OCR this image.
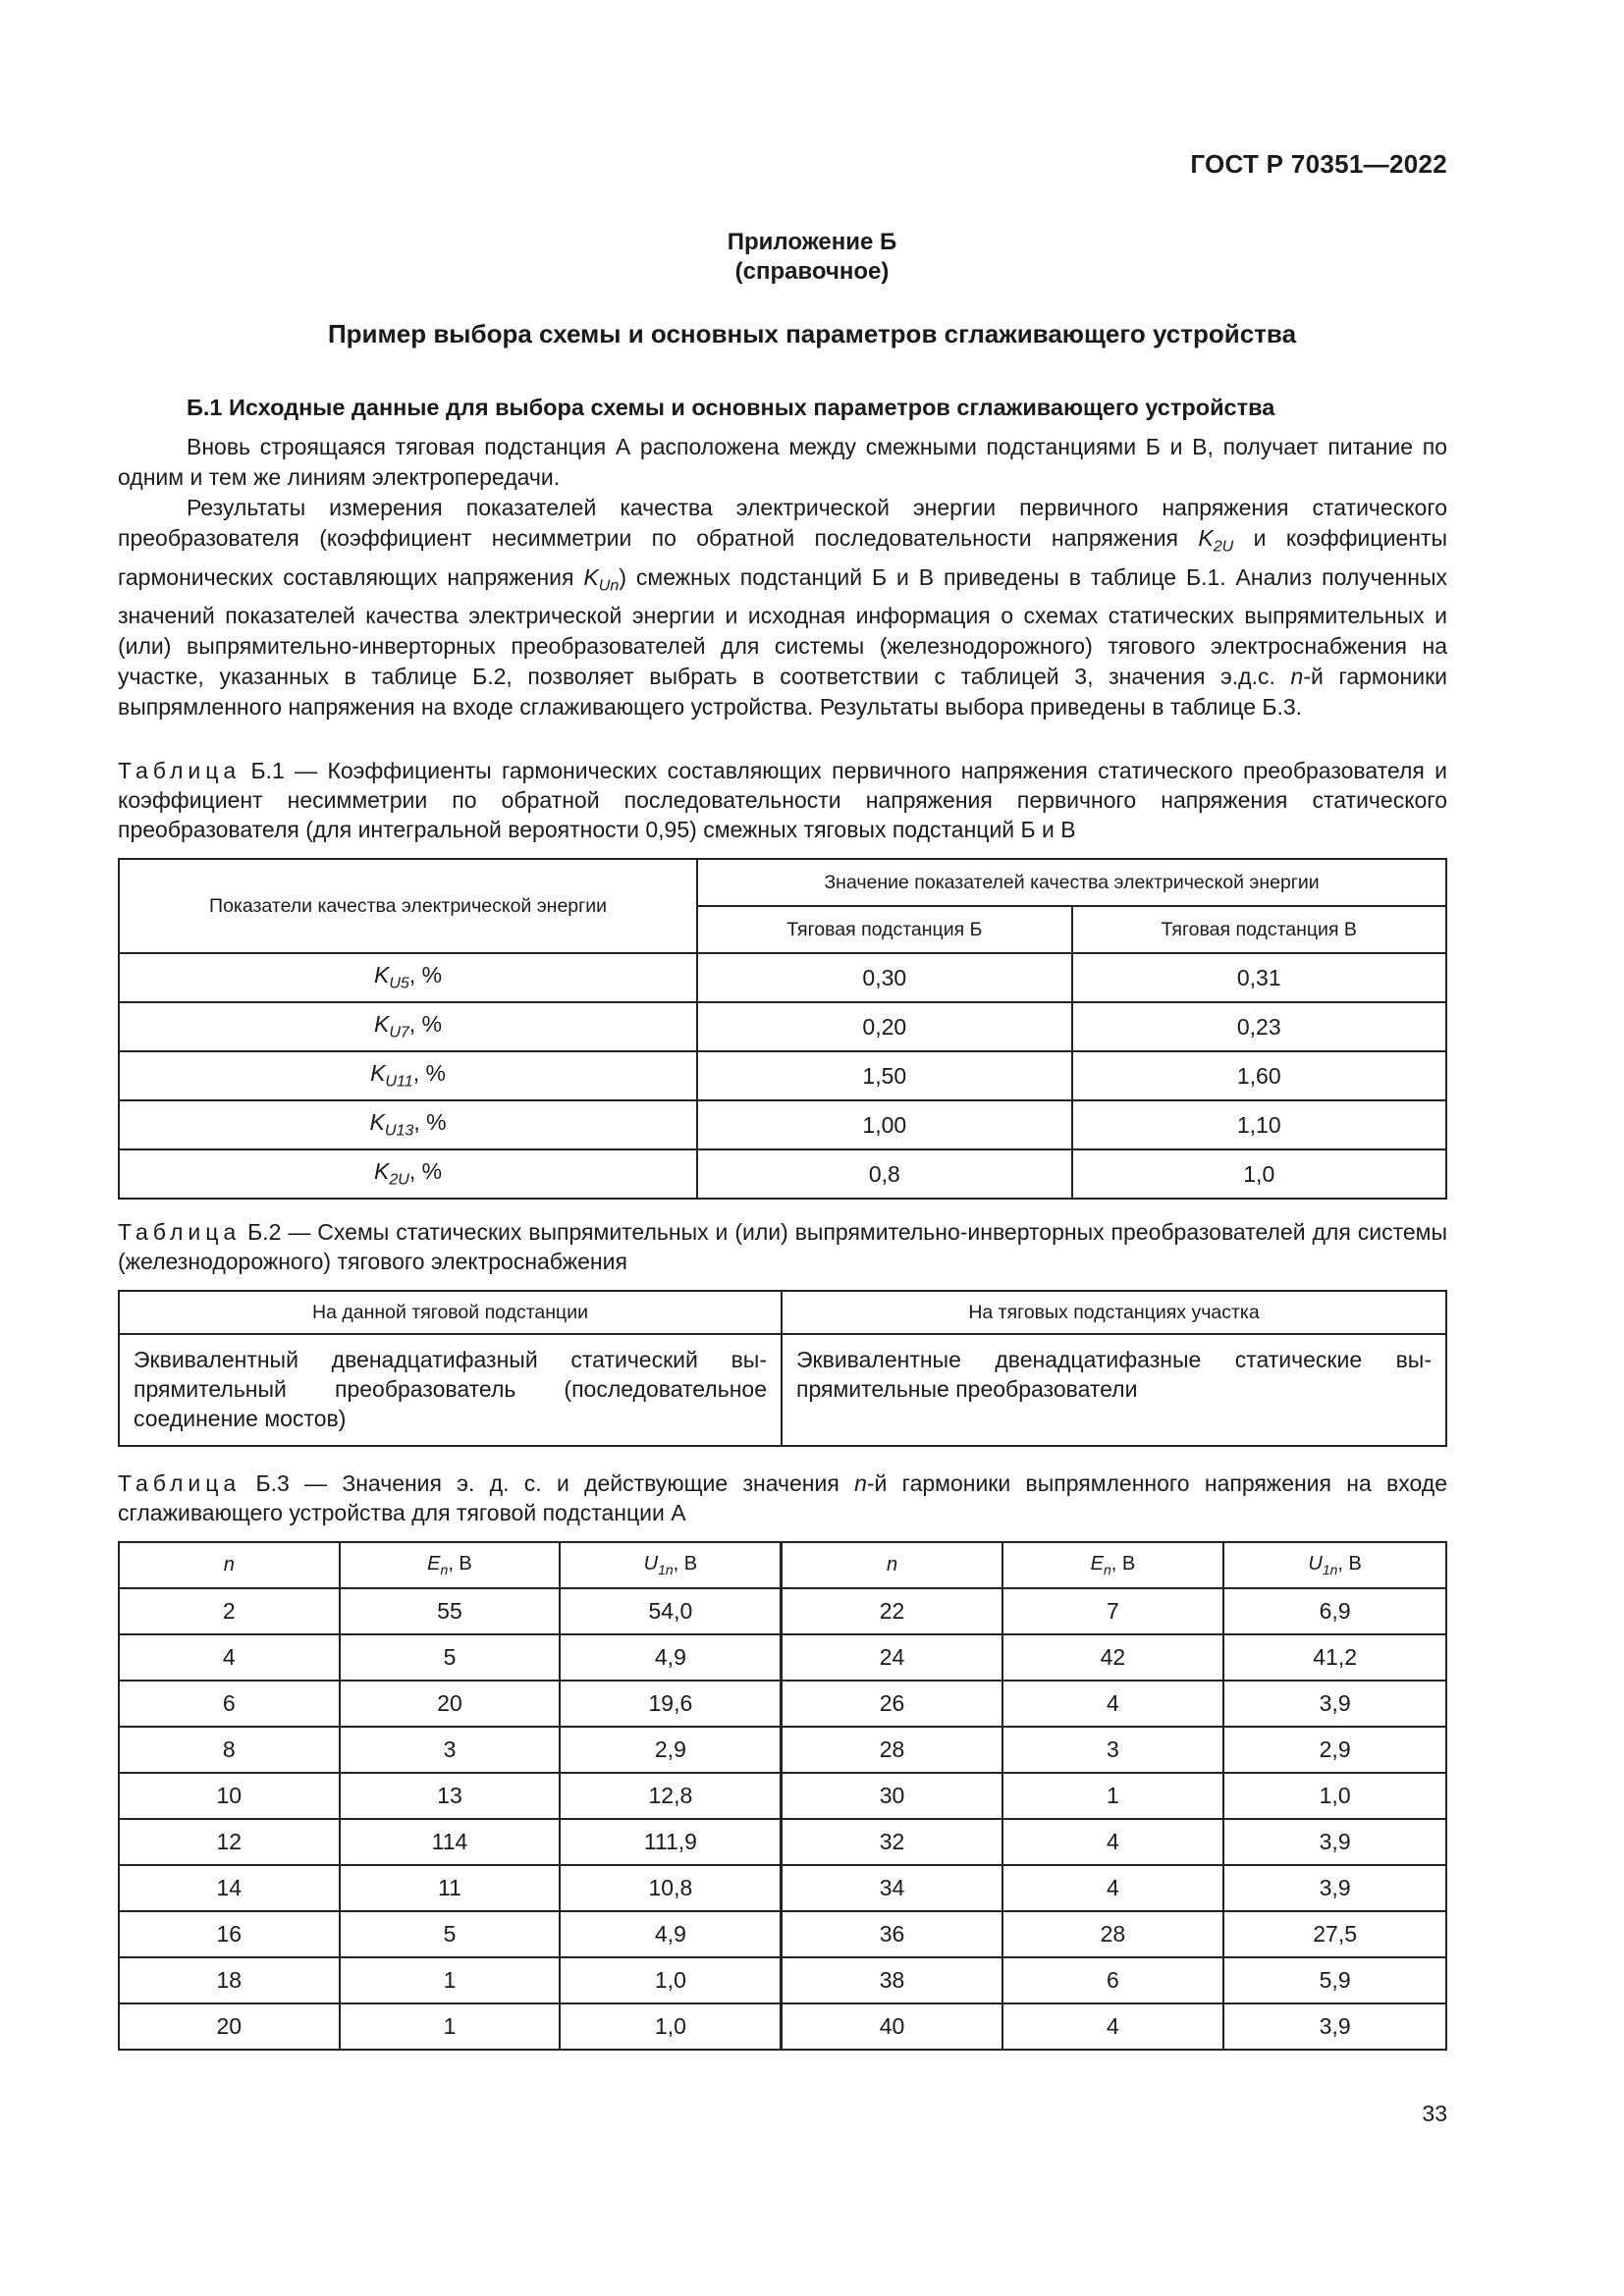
ГОСТ Р 70351—2022
Приложение Б
(справочное)
Пример выбора схемы и основных параметров сглаживающего устройства
Б.1 Исходные данные для выбора схемы и основных параметров сглаживающего устройства

Вновь строящаяся тяговая подстанция А расположена между смежными подстанциями Б и В, получает питание по одним и тем же линиям электропередачи.

Результаты измерения показателей качества электрической энергии первичного напряжения статического преобразователя (коэффициент несимметрии по обратной последовательности напряжения $K_{2U}$ и коэффициенты гармонических составляющих напряжения $K_{Un}$) смежных подстанций Б и В приведены в таблице Б.1. Анализ полученных значений показателей качества электрической энергии и исходная информация о схемах статических выпрямительных и (или) выпрямительно-инверторных преобразователей для системы (железнодорожного) тягового электроснабжения на участке, указанных в таблице Б.2, позволяет выбрать в соответствии с таблицей 3, значения э.д.с. n-й гармоники выпрямленного напряжения на входе сглаживающего устройства. Результаты выбора приведены в таблице Б.3.

Таблица Б.1 — Коэффициенты гармонических составляющих первичного напряжения статического преобразователя и коэффициент несимметрии по обратной последовательности напряжения первичного напряжения статического преобразователя (для интегральной вероятности 0,95) смежных тяговых подстанций Б и В
Показатели качества электрической энергии	Значение показателей качества электрической энергии	
	Тяговая подстанция Б	Тяговая подстанция В
$K_{U5}$, %	0,30	0,31
$K_{U7}$, %	0,20	0,23
$K_{U11}$, %	1,50	1,60
$K_{U13}$, %	1,00	1,10
$K_{2U}$, %	0,8	1,0
Таблица Б.2 — Схемы статических выпрямительных и (или) выпрямительно-инверторных преобразователей для системы (железнодорожного) тягового электроснабжения
На данной тяговой подстанции	На тяговых подстанциях участка
Эквивалентный двенадцатифазный статический выпрямительный преобразователь (последовательное соединение мостов)	Эквивалентные двенадцатифазные статические выпрямительные преобразователи
Таблица Б.3 — Значения э. д. с. и действующие значения n-й гармоники выпрямленного напряжения на входе сглаживающего устройства для тяговой подстанции А
n	$E_n$, В	$U_{1n}$, В	n	$E_n$, В	$U_{1n}$, В
2	55	54,0	22	7	6,9
4	5	4,9	24	42	41,2
6	20	19,6	26	4	3,9
8	3	2,9	28	3	2,9
10	13	12,8	30	1	1,0
12	114	111,9	32	4	3,9
14	11	10,8	34	4	3,9
16	5	4,9	36	28	27,5
18	1	1,0	38	6	5,9
20	1	1,0	40	4	3,9
33
